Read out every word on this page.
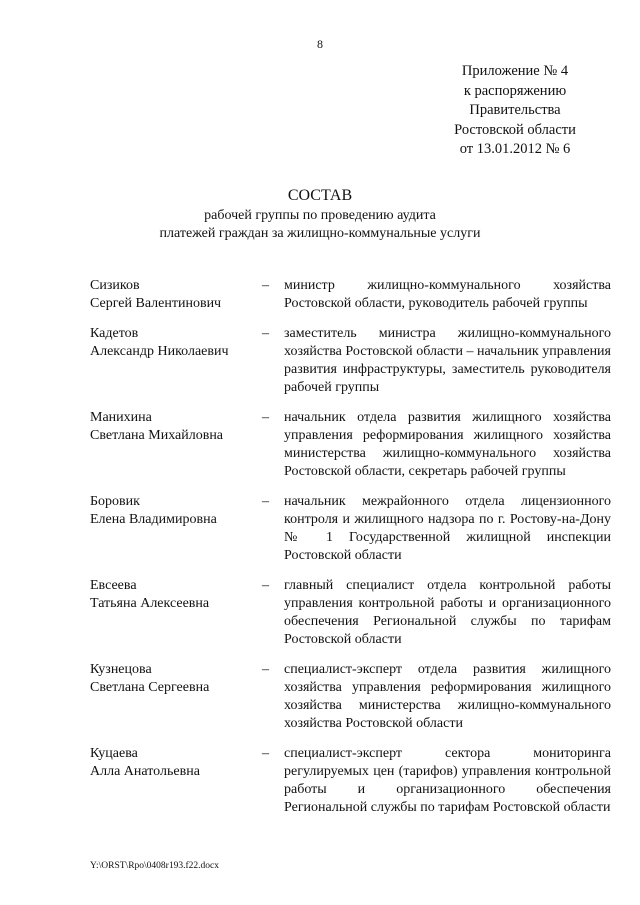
8
Приложение № 4
к распоряжению
Правительства
Ростовской области
от 13.01.2012 № 6
СОСТАВ
рабочей группы по проведению аудита
платежей граждан за жилищно-коммунальные услуги
Сизиков
Сергей Валентинович
–	министр жилищно-коммунального хозяйства Ростовской области, руководитель рабочей группы
Кадетов
Александр Николаевич
–	заместитель министра жилищно-коммунального хозяйства Ростовской области – начальник управления развития инфраструктуры, заместитель руководителя рабочей группы
Манихина
Светлана Михайловна
–	начальник отдела развития жилищного хозяйства управления реформирования жилищного хозяйства министерства жилищно-коммунального хозяйства Ростовской области, секретарь рабочей группы
Боровик
Елена Владимировна
–	начальник межрайонного отдела лицензионного контроля и жилищного надзора по г. Ростову-на-Дону № 1 Государственной жилищной инспекции Ростовской области
Евсеева
Татьяна Алексеевна
–	главный специалист отдела контрольной работы управления контрольной работы и организационного обеспечения Региональной службы по тарифам Ростовской области
Кузнецова
Светлана Сергеевна
–	специалист-эксперт отдела развития жилищного хозяйства управления реформирования жилищного хозяйства министерства жилищно-коммунального хозяйства Ростовской области
Куцаева
Алла Анатольевна
–	специалист-эксперт сектора мониторинга регулируемых цен (тарифов) управления контрольной работы и организационного обеспечения Региональной службы по тарифам Ростовской области
Y:\ORST\Rpo\0408r193.f22.docx
